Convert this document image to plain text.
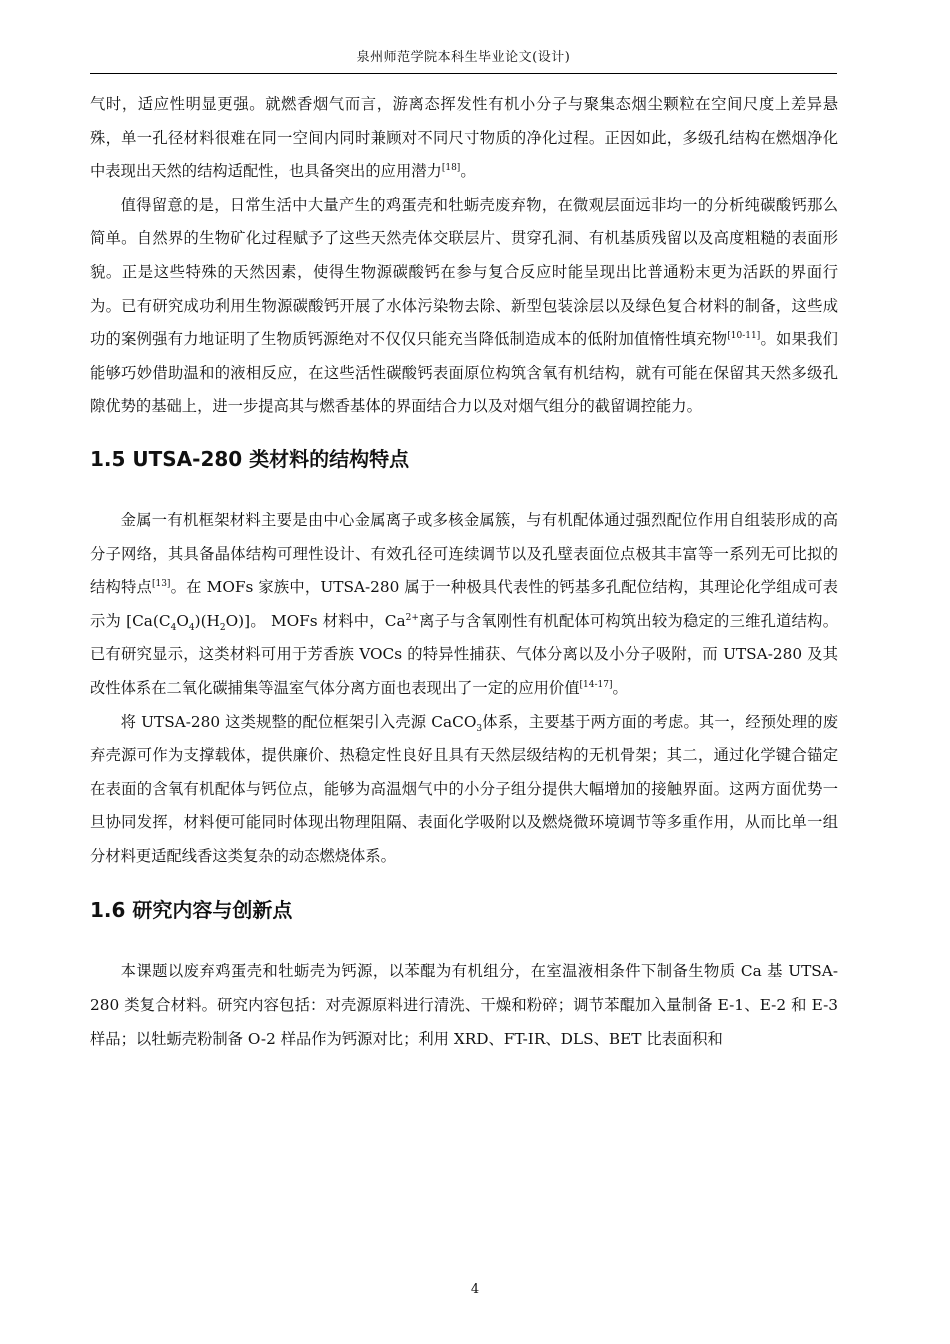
泉州师范学院本科生毕业论文(设计)

气时，适应性明显更强。就燃香烟气而言，游离态挥发性有机小分子与聚集态烟尘颗粒在空间尺度上差异悬殊，单一孔径材料很难在同一空间内同时兼顾对不同尺寸物质的净化过程。正因如此，多级孔结构在燃烟净化中表现出天然的结构适配性，也具备突出的应用潜力[18]。

值得留意的是，日常生活中大量产生的鸡蛋壳和牡蛎壳废弃物，在微观层面远非均一的分析纯碳酸钙那么简单。自然界的生物矿化过程赋予了这些天然壳体交联层片、贯穿孔洞、有机基质残留以及高度粗糙的表面形貌。正是这些特殊的天然因素，使得生物源碳酸钙在参与复合反应时能呈现出比普通粉末更为活跃的界面行为。已有研究成功利用生物源碳酸钙开展了水体污染物去除、新型包装涂层以及绿色复合材料的制备，这些成功的案例强有力地证明了生物质钙源绝对不仅仅只能充当降低制造成本的低附加值惰性填充物[10-11]。如果我们能够巧妙借助温和的液相反应，在这些活性碳酸钙表面原位构筑含氧有机结构，就有可能在保留其天然多级孔隙优势的基础上，进一步提高其与燃香基体的界面结合力以及对烟气组分的截留调控能力。

1.5 UTSA-280 类材料的结构特点

金属一有机框架材料主要是由中心金属离子或多核金属簇，与有机配体通过强烈配位作用自组装形成的高分子网络，其具备晶体结构可理性设计、有效孔径可连续调节以及孔壁表面位点极其丰富等一系列无可比拟的结构特点[13]。在 MOFs 家族中，UTSA-280 属于一种极具代表性的钙基多孔配位结构，其理论化学组成可表示为 $[Ca(C_4O_4)(H_2O)]$。 MOFs 材料中，$Ca^{2+}$离子与含氧刚性有机配体可构筑出较为稳定的三维孔道结构。已有研究显示，这类材料可用于芳香族 VOCs 的特异性捕获、气体分离以及小分子吸附，而 UTSA-280 及其改性体系在二氧化碳捕集等温室气体分离方面也表现出了一定的应用价值[14-17]。

将 UTSA-280 这类规整的配位框架引入壳源 CaCO$_3$体系，主要基于两方面的考虑。其一，经预处理的废弃壳源可作为支撑载体，提供廉价、热稳定性良好且具有天然层级结构的无机骨架；其二，通过化学键合锚定在表面的含氧有机配体与钙位点，能够为高温烟气中的小分子组分提供大幅增加的接触界面。这两方面优势一旦协同发挥，材料便可能同时体现出物理阻隔、表面化学吸附以及燃烧微环境调节等多重作用，从而比单一组分材料更适配线香这类复杂的动态燃烧体系。

1.6 研究内容与创新点

本课题以废弃鸡蛋壳和牡蛎壳为钙源，以苯醌为有机组分，在室温液相条件下制备生物质 Ca 基 UTSA-280 类复合材料。研究内容包括：对壳源原料进行清洗、干燥和粉碎；调节苯醌加入量制备 E-1、E-2 和 E-3 样品；以牡蛎壳粉制备 O-2 样品作为钙源对比；利用 XRD、FT-IR、DLS、BET 比表面积和

4
